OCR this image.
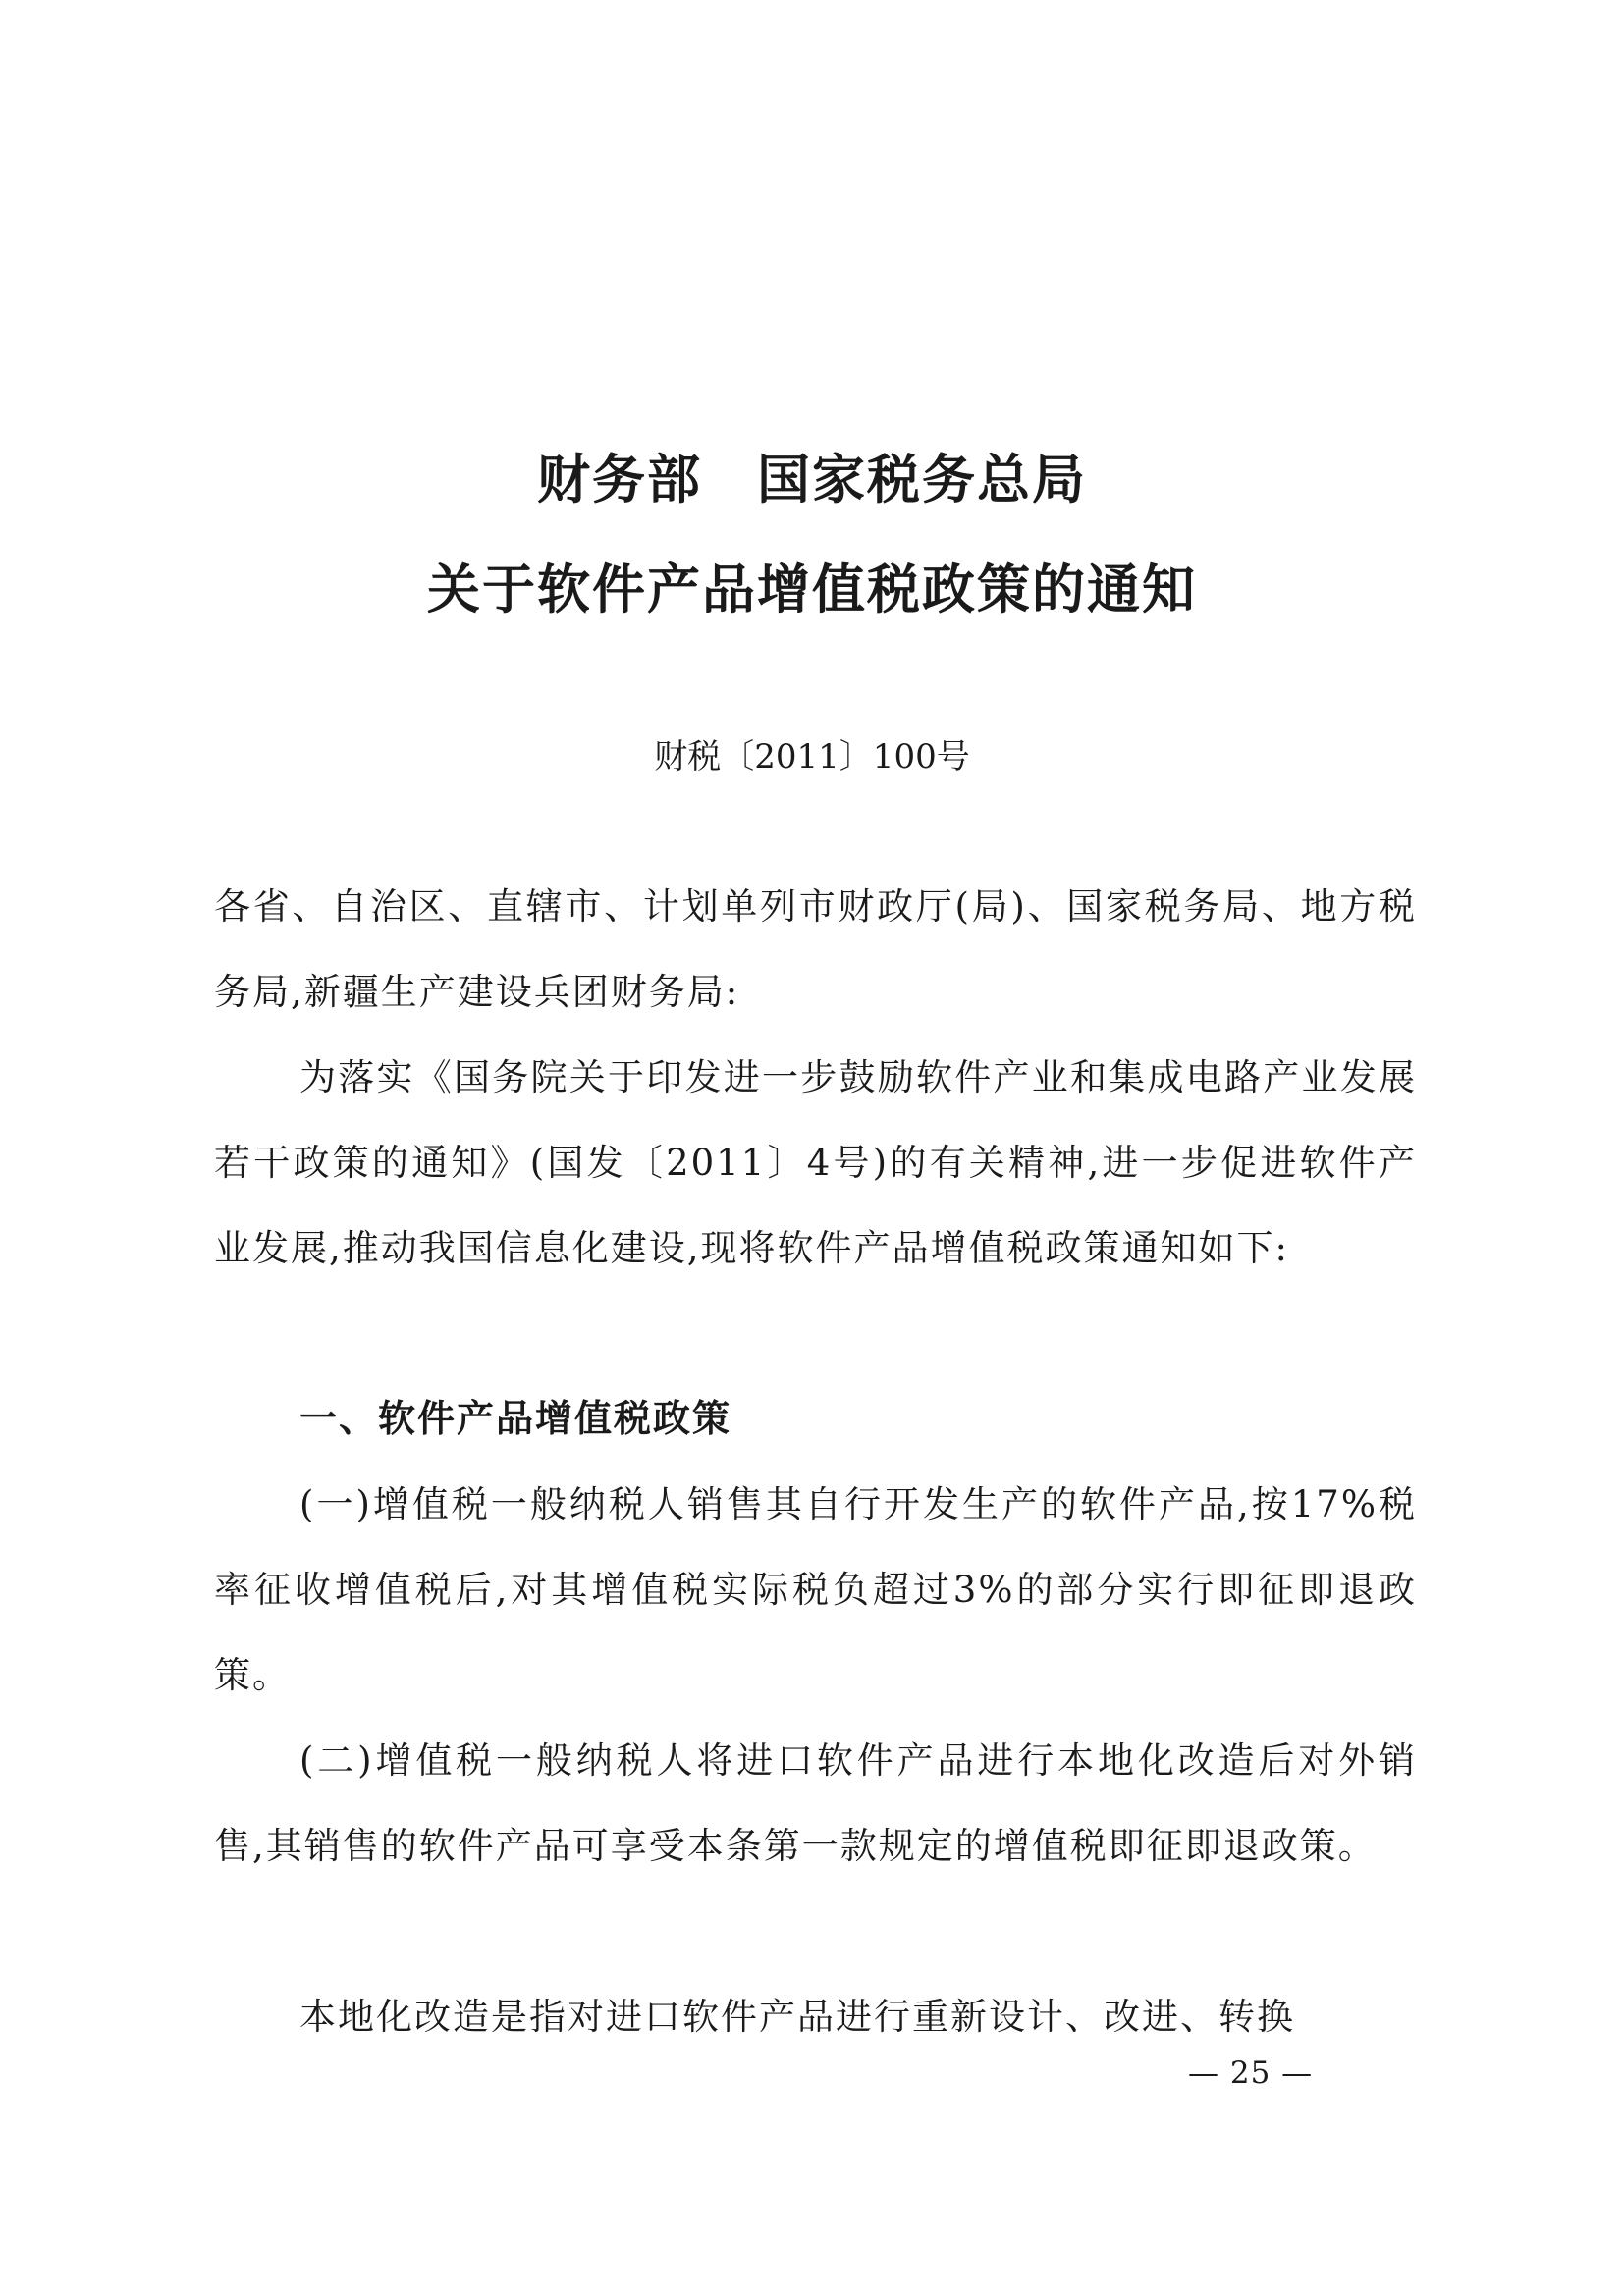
财务部　国家税务总局
关于软件产品增值税政策的通知
财税〔2011〕100号

各省、自治区、直辖市、计划单列市财政厅(局)、国家税务局、地方税务局,新疆生产建设兵团财务局:

为落实《国务院关于印发进一步鼓励软件产业和集成电路产业发展若干政策的通知》(国发〔2011〕4号)的有关精神,进一步促进软件产业发展,推动我国信息化建设,现将软件产品增值税政策通知如下:

一、软件产品增值税政策

(一)增值税一般纳税人销售其自行开发生产的软件产品,按17%税率征收增值税后,对其增值税实际税负超过3%的部分实行即征即退政策。

(二)增值税一般纳税人将进口软件产品进行本地化改造后对外销售,其销售的软件产品可享受本条第一款规定的增值税即征即退政策。

本地化改造是指对进口软件产品进行重新设计、改进、转换

— 25 —
